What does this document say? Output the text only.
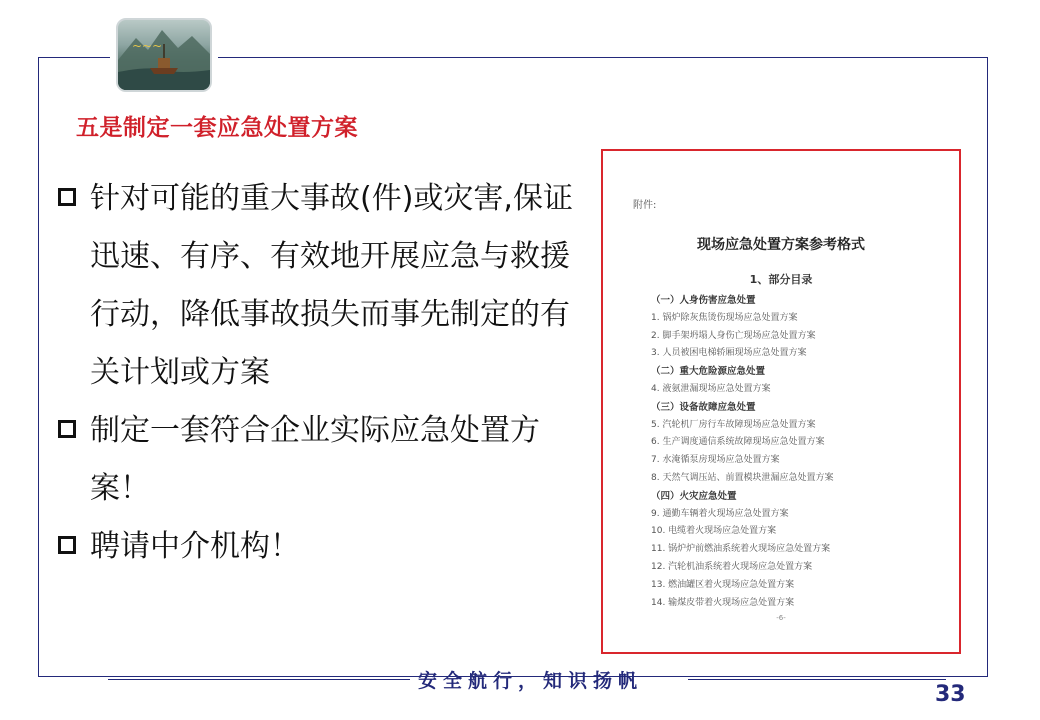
~~~
五是制定一套应急处置方案
针对可能的重大事故(件)或灾害,保证迅速、有序、有效地开展应急与救援行动，降低事故损失而事先制定的有关计划或方案
制定一套符合企业实际应急处置方案！
聘请中介机构！
附件:
现场应急处置方案参考格式
1、部分目录
（一）人身伤害应急处置
1. 锅炉除灰焦烫伤现场应急处置方案
2. 脚手架坍塌人身伤亡现场应急处置方案
3. 人员被困电梯轿厢现场应急处置方案
（二）重大危险源应急处置
4. 液氨泄漏现场应急处置方案
（三）设备故障应急处置
5. 汽轮机厂房行车故障现场应急处置方案
6. 生产调度通信系统故障现场应急处置方案
7. 水淹循泵房现场应急处置方案
8. 天然气调压站、前置模块泄漏应急处置方案
（四）火灾应急处置
9. 通勤车辆着火现场应急处置方案
10. 电缆着火现场应急处置方案
11. 锅炉炉前燃油系统着火现场应急处置方案
12. 汽轮机油系统着火现场应急处置方案
13. 燃油罐区着火现场应急处置方案
14. 输煤皮带着火现场应急处置方案
-6-
安全航行，知识扬帆
33
